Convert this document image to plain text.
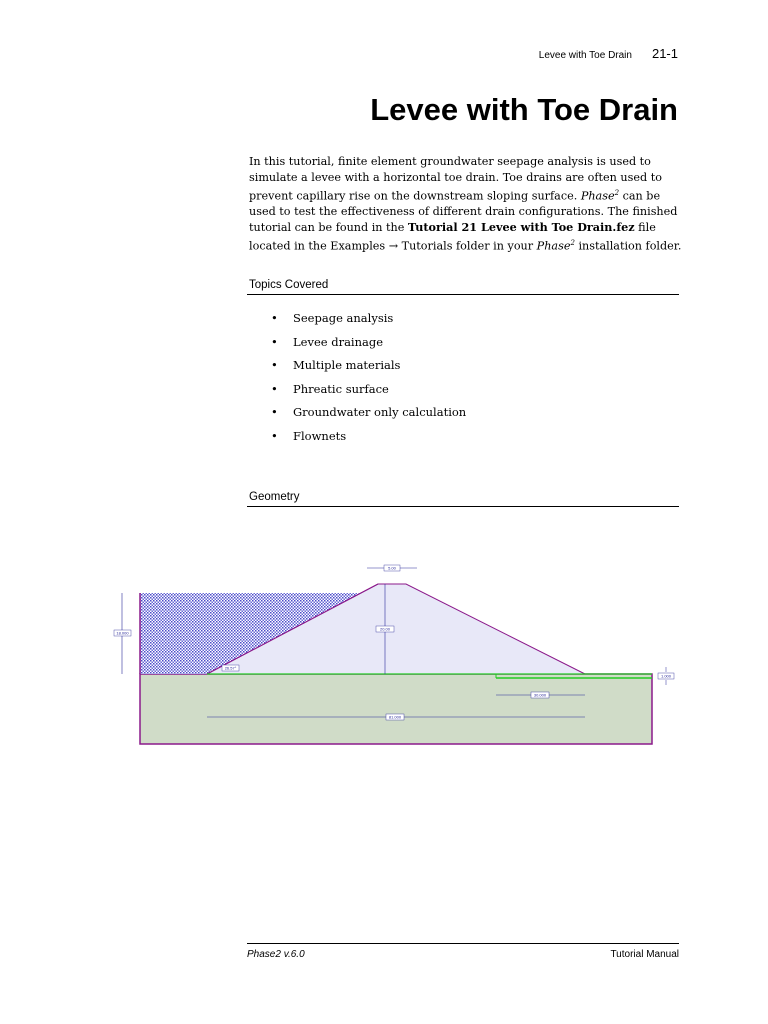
Levee with Toe Drain 21-1
Levee with Toe Drain
In this tutorial, finite element groundwater seepage analysis is used to simulate a levee with a horizontal toe drain. Toe drains are often used to prevent capillary rise on the downstream sloping surface. Phase$^2$ can be used to test the effectiveness of different drain configurations. The finished tutorial can be found in the Tutorial 21 Levee with Toe Drain.fez file located in the Examples → Tutorials folder in your Phase$^2$ installation folder.
Topics Covered
•	Seepage analysis
•	Levee drainage
•	Multiple materials
•	Phreatic surface
•	Groundwater only calculation
•	Flownets
Geometry
5.00
20.00
18.000
26.57°
1.000
30.000
81.000
Phase2 v.6.0	Tutorial Manual
